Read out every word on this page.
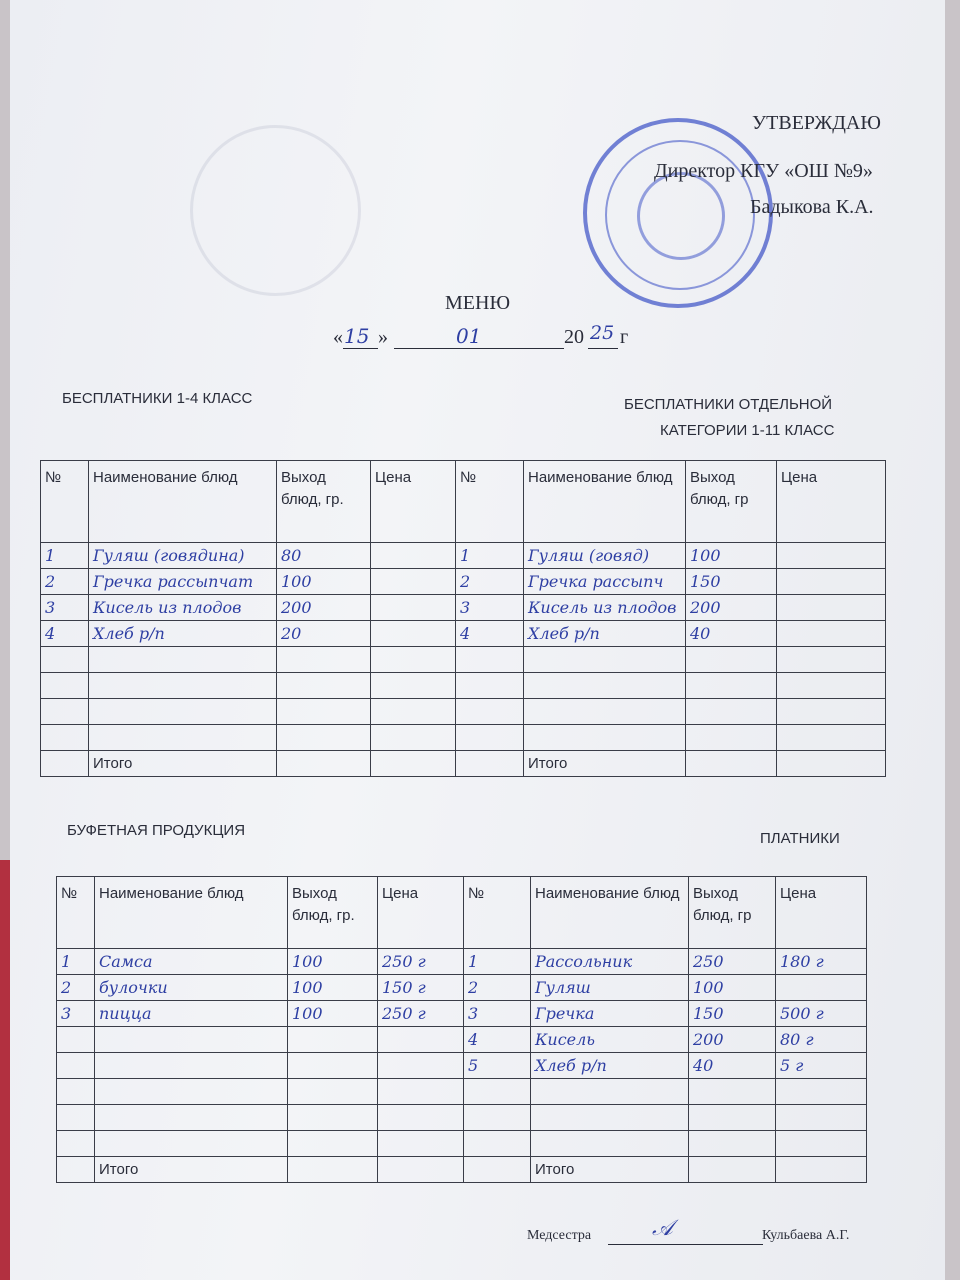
УТВЕРЖДАЮ
Директор КГУ «ОШ №9»
Бадыкова К.А.
МЕНЮ
« 15 »	01	20 25 г
БЕСПЛАТНИКИ 1-4 КЛАСС	БЕСПЛАТНИКИ ОТДЕЛЬНОЙ
КАТЕГОРИИ 1-11 КЛАСС
№	Наименование блюд	Выход блюд, гр.	Цена	№	Наименование блюд	Выход блюд, гр	Цена
1	Гуляш (говядина)	80		1	Гуляш (говяд)	100	
2	Гречка рассыпчат	100		2	Гречка рассыпч	150	
3	Кисель из плодов	200		3	Кисель из плодов	200	
4	Хлеб р/п	20		4	Хлеб р/п	40	

	Итого				Итого		
БУФЕТНАЯ ПРОДУКЦИЯ	ПЛАТНИКИ
№	Наименование блюд	Выход блюд, гр.	Цена	№	Наименование блюд	Выход блюд, гр	Цена
1	Самса	100	250 г	1	Рассольник	250	180 г
2	булочки	100	150 г	2	Гуляш	100	
3	пицца	100	250 г	3	Гречка	150	500 г
				4	Кисель	200	80 г
				5	Хлеб р/п	40	5 г

	Итого				Итого		
Медсестра	𝒜	Кульбаева А.Г.
